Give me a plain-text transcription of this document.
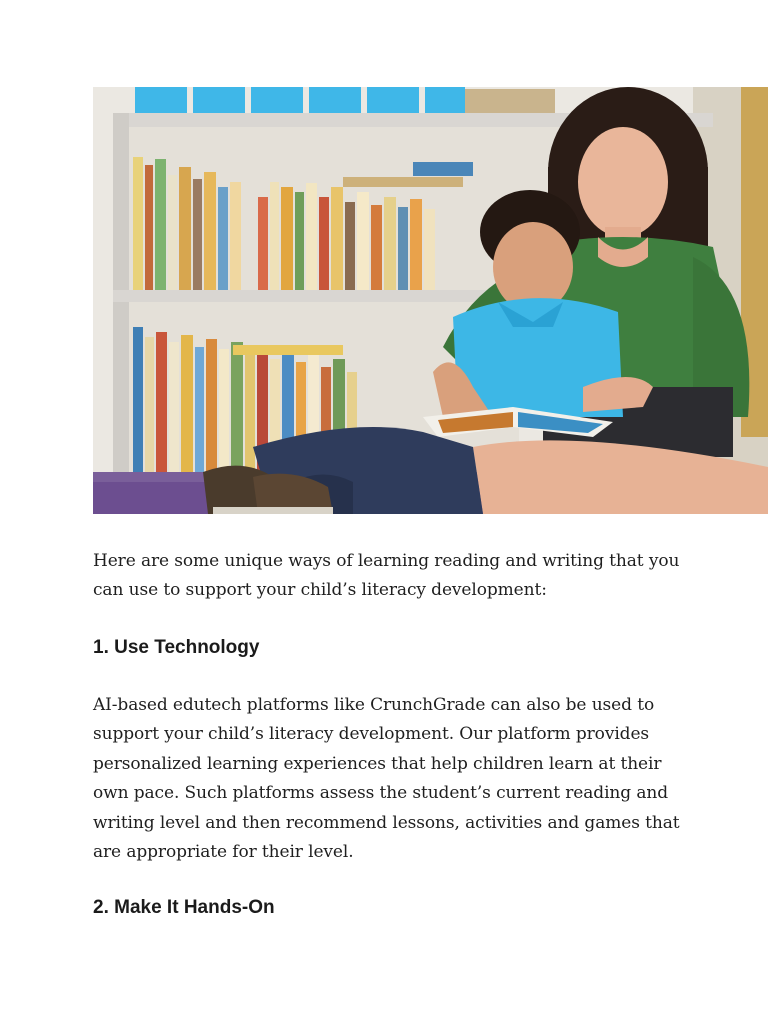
Here are some unique ways of learning reading and writing that you can use to support your child’s literacy development:

1. Use Technology

AI-based edutech platforms like CrunchGrade can also be used to support your child’s literacy development. Our platform provides personalized learning experiences that help children learn at their own pace. Such platforms assess the student’s current reading and writing level and then recommend lessons, activities and games that are appropriate for their level.

2. Make It Hands-On
